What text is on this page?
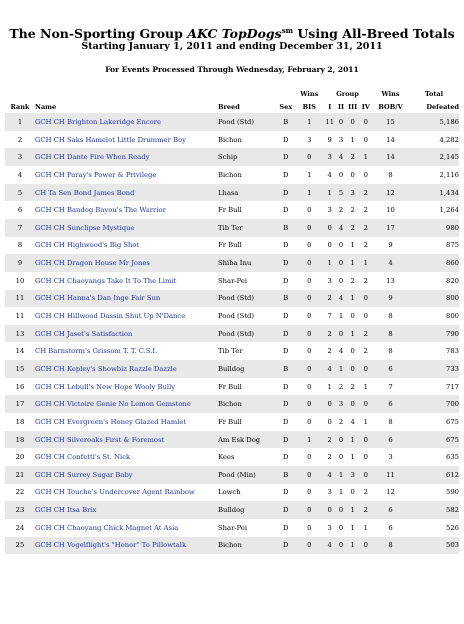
The Non-Sporting Group AKC TopDogs$^{sm}$ Using All-Breed Totals
Starting January 1, 2011 and ending December 31, 2011
For Events Processed Through Wednesday, February 2, 2011
				Wins	Group				Wins	Total
Rank	Name	Breed	Sex	BIS	I	II	III	IV	BOB/V	Defeated
1	GCH CH Brighton Lakeridge Encore	Pood (Std)	B	1	11	0	0	0	15	5,186
2	GCH CH Saks Hamelot Little Drummer Boy	Bichon	D	3	9	3	1	0	14	4,282
3	GCH CH Dante Fire When Ready	Schip	D	0	3	4	2	1	14	2,145
4	GCH CH Paray's Power & Privilege	Bichon	D	1	4	0	0	0	8	2,116
5	CH Ta Sen Bond James Bond	Lhasa	D	1	1	5	3	2	12	1,434
6	GCH CH Bandog Bayou's The Warrior	Fr Bull	D	0	3	2	2	2	10	1,264
7	GCH CH Sunclipse Mystique	Tib Ter	B	0	0	4	2	2	17	980
8	GCH CH Highwood's Big Shot	Fr Bull	D	0	0	0	1	2	9	875
9	GCH CH Dragon House Mr Jones	Shiba Inu	D	0	1	0	1	1	4	860
10	GCH CH Chaoyangs Take It To The Limit	Shar-Pei	D	0	3	0	2	2	13	820
11	GCH CH Hanna's Dan Inge Fair Sun	Pood (Std)	B	0	2	4	1	0	9	800
11	GCH CH Hillwood Dassin Shut Up N'Dance	Pood (Std)	D	0	7	1	0	0	8	800
13	GCH CH Jaset's Satisfaction	Pood (Std)	D	0	2	0	1	2	8	790
14	CH Barnstorm's Grissom T. T. C.S.I.	Tib Ter	D	0	2	4	0	2	8	783
15	GCH CH Kepley's Showbiz Razzle Dazzle	Bulldog	B	0	4	1	0	0	6	733
16	GCH CH Lebull's New Hope Wooly Bully	Fr Bull	D	0	1	2	2	1	7	717
17	GCH CH Victoire Genie No Lemon Gemstone	Bichon	D	0	0	3	0	0	6	700
18	GCH CH Evergreen's Honey Glazed Hamlet	Fr Bull	D	0	0	2	4	1	8	675
18	GCH CH Silveroaks First & Foremost	Am Esk Dog	D	1	2	0	1	0	6	675
20	GCH CH Confetti's St. Nick	Kees	D	0	2	0	1	0	3	635
21	GCH CH Surrey Sugar Baby	Pood (Min)	B	0	4	1	3	0	11	612
22	GCH CH Touche's Undercover Agent Rainbow	Lowch	D	0	3	1	0	2	12	590
23	GCH CH Itsa Brix	Bulldog	D	0	0	0	1	2	6	582
24	GCH CH Chaoyang Chick Magnet At Asia	Shar-Pei	D	0	3	0	1	1	6	526
25	GCH CH Vogelflight's "Honor" To Pillowtalk	Bichon	D	0	4	0	1	0	8	503
